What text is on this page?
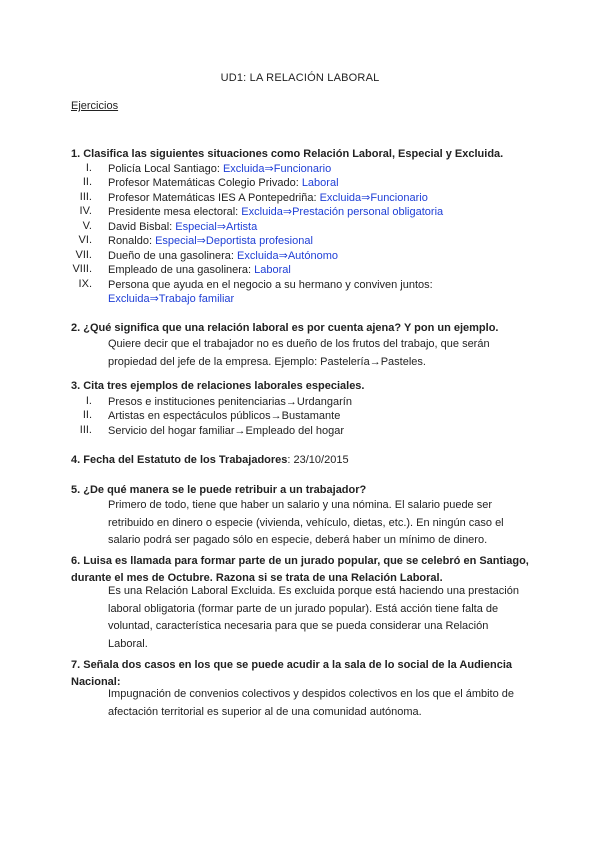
UD1: LA RELACIÓN LABORAL
Ejercicios
1. Clasifica las siguientes situaciones como Relación Laboral, Especial y Excluida.
I. Policía Local Santiago: Excluida⇒Funcionario
II. Profesor Matemáticas Colegio Privado: Laboral
III. Profesor Matemáticas IES A Pontepedriña: Excluida⇒Funcionario
IV. Presidente mesa electoral: Excluida⇒Prestación personal obligatoria
V. David Bisbal: Especial⇒Artista
VI. Ronaldo: Especial⇒Deportista profesional
VII. Dueño de una gasolinera: Excluida⇒Autónomo
VIII. Empleado de una gasolinera: Laboral
IX. Persona que ayuda en el negocio a su hermano y conviven juntos:
Excluida⇒Trabajo familiar
2. ¿Qué significa que una relación laboral es por cuenta ajena? Y pon un ejemplo.
Quiere decir que el trabajador no es dueño de los frutos del trabajo, que serán propiedad del jefe de la empresa. Ejemplo: Pastelería→Pasteles.
3. Cita tres ejemplos de relaciones laborales especiales.
I. Presos e instituciones penitenciarias→Urdangarín
II. Artistas en espectáculos públicos→Bustamante
III. Servicio del hogar familiar→Empleado del hogar
4. Fecha del Estatuto de los Trabajadores: 23/10/2015
5. ¿De qué manera se le puede retribuir a un trabajador?
Primero de todo, tiene que haber un salario y una nómina. El salario puede ser retribuido en dinero o especie (vivienda, vehículo, dietas, etc.). En ningún caso el salario podrá ser pagado sólo en especie, deberá haber un mínimo de dinero.
6. Luisa es llamada para formar parte de un jurado popular, que se celebró en Santiago, durante el mes de Octubre. Razona si se trata de una Relación Laboral.
Es una Relación Laboral Excluida. Es excluida porque está haciendo una prestación laboral obligatoria (formar parte de un jurado popular). Está acción tiene falta de voluntad, característica necesaria para que se pueda considerar una Relación Laboral.
7. Señala dos casos en los que se puede acudir a la sala de lo social de la Audiencia Nacional:
Impugnación de convenios colectivos y despidos colectivos en los que el ámbito de afectación territorial es superior al de una comunidad autónoma.
